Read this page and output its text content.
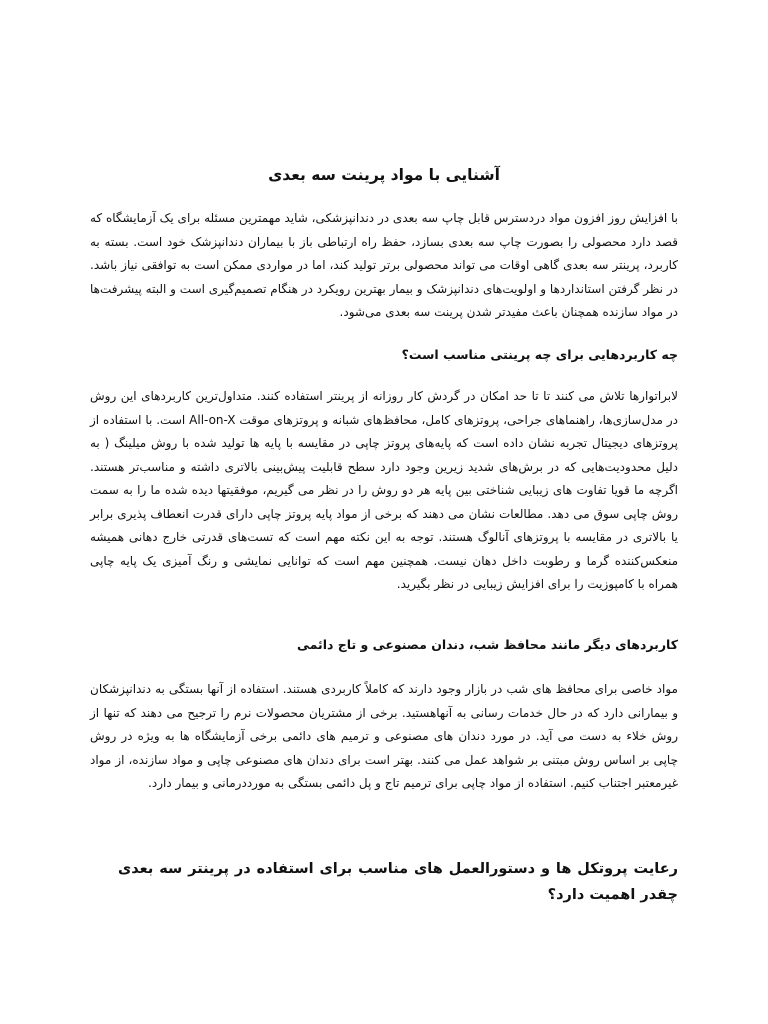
آشنایی با مواد پرینت سه بعدی

با افزایش روز افزون مواد دردسترس قابل چاپ سه بعدی در دندانپزشکی، شاید مهمترین مسئله برای یک آزمایشگاه که قصد دارد محصولی را بصورت چاپ سه بعدی بسازد، حفظ راه ارتباطی باز با بیماران دندانپزشک خود است. بسته به کاربرد، پرینتر سه بعدی گاهی اوقات می تواند محصولی برتر تولید کند، اما در مواردی ممکن است به توافقی نیاز باشد. در نظر گرفتن استانداردها و اولویت‌های دندانپزشک و بیمار بهترین رویکرد در هنگام تصمیم‌گیری است و البته پیشرفت‌ها در مواد سازنده همچنان باعث مفیدتر شدن پرینت سه بعدی می‌شود.

چه کاربردهایی برای چه پرینتی مناسب است؟

لابراتوارها تلاش می کنند تا تا حد امکان در گردش کار روزانه از پرینتر استفاده کنند. متداول‌ترین کاربردهای این روش در مدل‌سازی‌ها، راهنماهای جراحی، پروتزهای کامل، محافظ‌های شبانه و پروتزهای موقت All-on-X است. با استفاده از پروتزهای دیجیتال تجربه نشان داده است که پایه‌های پروتز چاپی در مقایسه با پایه ها تولید شده با روش میلینگ ( به دلیل محدودیت‌هایی که در برش‌های شدید زیرین وجود دارد سطح قابلیت پیش‌بینی بالاتری داشته و مناسب‌تر هستند. اگرچه ما قویا تفاوت های زیبایی شناختی بین پایه هر دو روش را در نظر می گیریم، موفقیتها دیده شده ما را به سمت روش چاپی سوق می دهد. مطالعات نشان می دهند که برخی از مواد پایه پروتز چاپی دارای قدرت انعطاف پذیری برابر یا بالاتری در مقایسه با پروتزهای آنالوگ هستند. توجه به این نکته مهم است که تست‌های قدرتی خارج دهانی همیشه منعکس‌کننده گرما و رطوبت داخل دهان نیست. همچنین مهم است که توانایی نمایشی و رنگ آمیزی یک پایه چاپی همراه با کامپوزیت را برای افزایش زیبایی در نظر بگیرید.

کاربردهای دیگر مانند محافظ شب، دندان مصنوعی و تاج دائمی

مواد خاصی برای محافظ های شب در بازار وجود دارند که کاملاً کاربردی هستند. استفاده از آنها بستگی به دندانپزشکان و بیمارانی دارد که در حال خدمات رسانی به آنهاهستید. برخی از مشتریان محصولات نرم را ترجیح می دهند که تنها از روش خلاء به دست می آید. در مورد دندان های مصنوعی و ترمیم های دائمی برخی آزمایشگاه ها به ویژه در روش چاپی بر اساس روش مبتنی بر شواهد عمل می کنند. بهتر است برای دندان های مصنوعی چاپی و مواد سازنده، از مواد غیرمعتبر اجتناب کنیم. استفاده از مواد چاپی برای ترمیم تاج و پل دائمی بستگی به مورددرمانی و بیمار دارد.

رعایت پروتکل ها و دستورالعمل های مناسب برای استفاده در پرینتر سه بعدی چقدر اهمیت دارد؟
